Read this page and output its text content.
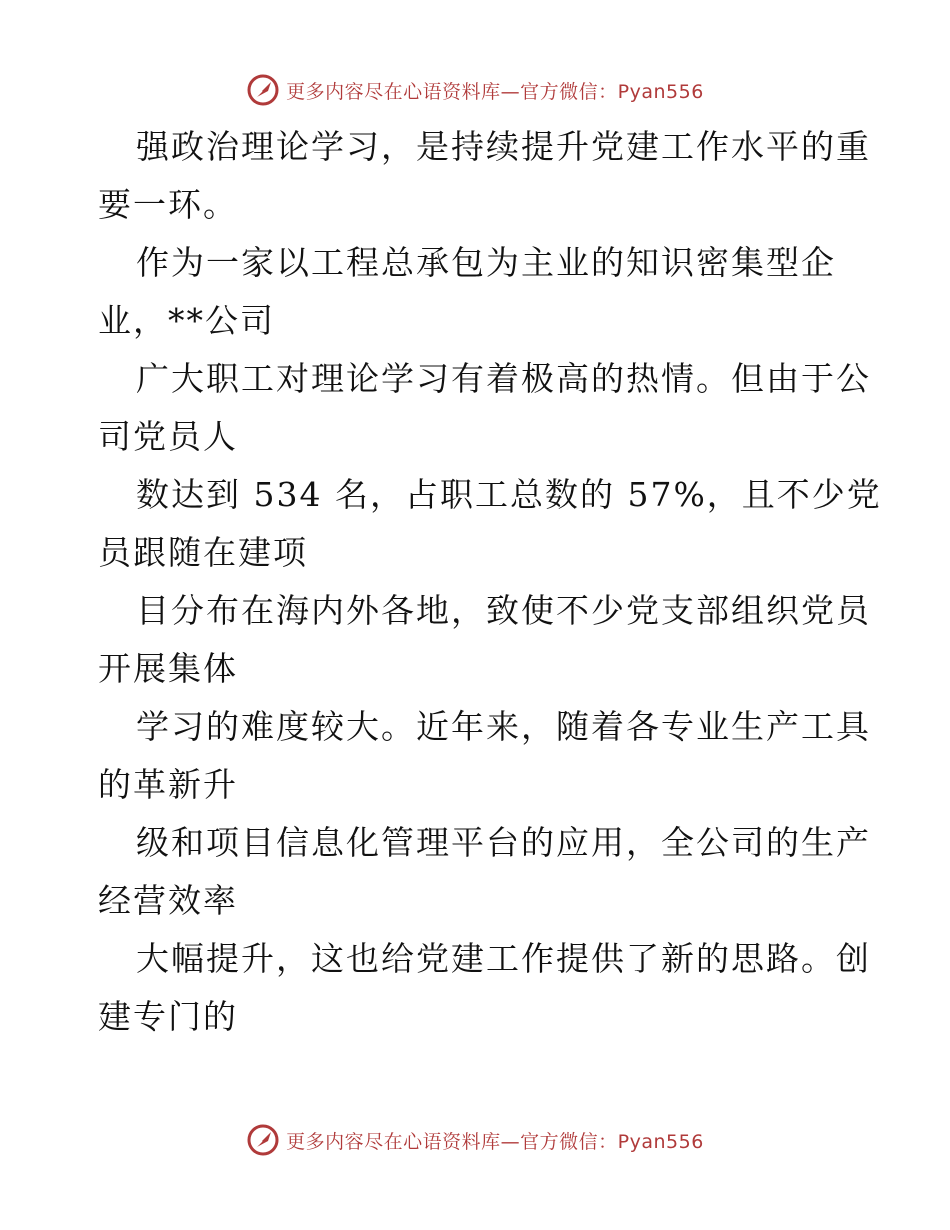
更多内容尽在心语资料库—官方微信：Pyan556
强政治理论学习，是持续提升党建工作水平的重
要一环。
作为一家以工程总承包为主业的知识密集型企
业，**公司
广大职工对理论学习有着极高的热情。但由于公
司党员人
数达到 534 名，占职工总数的 57%，且不少党
员跟随在建项
目分布在海内外各地，致使不少党支部组织党员
开展集体
学习的难度较大。近年来，随着各专业生产工具
的革新升
级和项目信息化管理平台的应用，全公司的生产
经营效率
大幅提升，这也给党建工作提供了新的思路。创
建专门的
更多内容尽在心语资料库—官方微信：Pyan556
